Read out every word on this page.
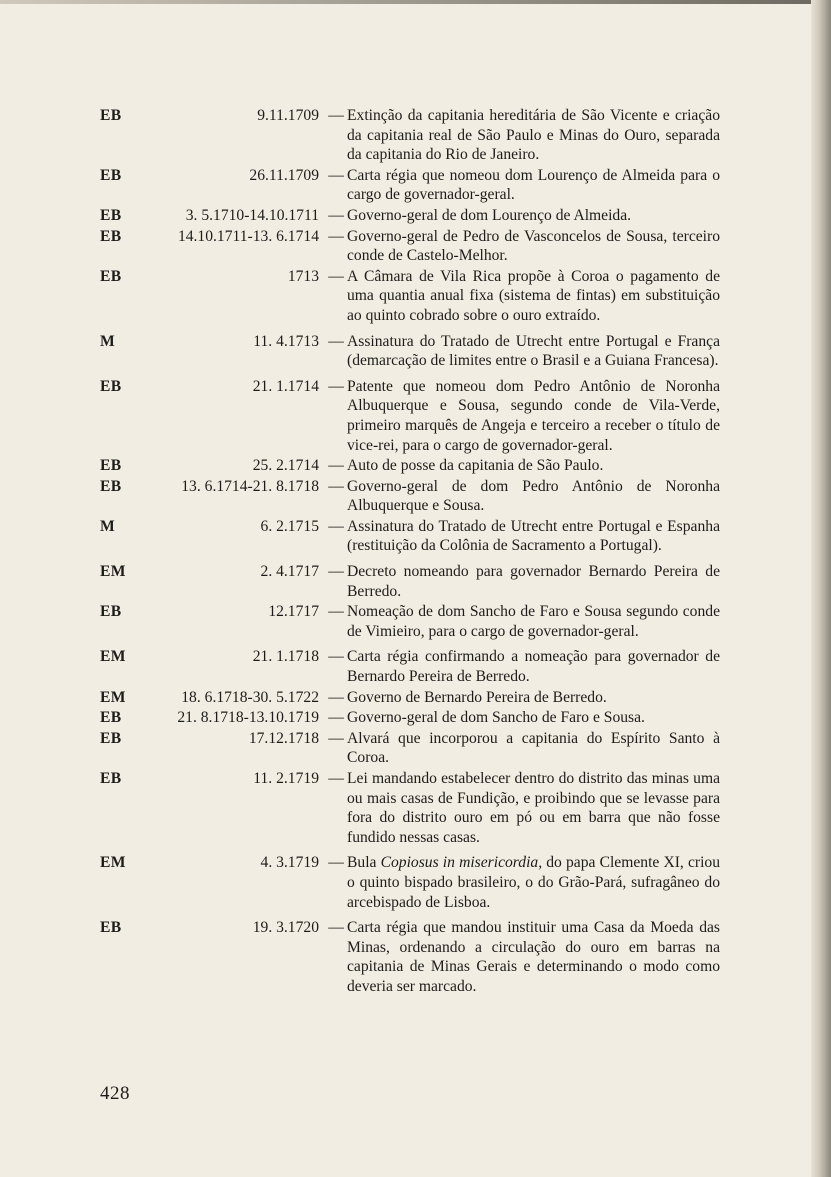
EB	9.11.1709 — Extinção da capitania hereditária de São Vicente e criação da capitania real de São Paulo e Minas do Ouro, separada da capitania do Rio de Janeiro.
EB	26.11.1709 — Carta régia que nomeou dom Lourenço de Almeida para o cargo de governador-geral.
EB	3. 5.1710-14.10.1711 — Governo-geral de dom Lourenço de Almeida.
EB	14.10.1711-13. 6.1714 — Governo-geral de Pedro de Vasconcelos de Sousa, terceiro conde de Castelo-Melhor.
EB	1713 — A Câmara de Vila Rica propõe à Coroa o pagamento de uma quantia anual fixa (sistema de fintas) em substituição ao quinto cobrado sobre o ouro extraído.
M	11. 4.1713 — Assinatura do Tratado de Utrecht entre Portugal e França (demarcação de limites entre o Brasil e a Guiana Francesa).
EB	21. 1.1714 — Patente que nomeou dom Pedro Antônio de Noronha Albuquerque e Sousa, segundo conde de Vila-Verde, primeiro marquês de Angeja e terceiro a receber o título de vice-rei, para o cargo de governador-geral.
EB	25. 2.1714 — Auto de posse da capitania de São Paulo.
EB	13. 6.1714-21. 8.1718 — Governo-geral de dom Pedro Antônio de Noronha Albuquerque e Sousa.
M	6. 2.1715 — Assinatura do Tratado de Utrecht entre Portugal e Espanha (restituição da Colônia de Sacramento a Portugal).
EM	2. 4.1717 — Decreto nomeando para governador Bernardo Pereira de Berredo.
EB	12.1717 — Nomeação de dom Sancho de Faro e Sousa segundo conde de Vimieiro, para o cargo de governador-geral.
EM	21. 1.1718 — Carta régia confirmando a nomeação para governador de Bernardo Pereira de Berredo.
EM	18. 6.1718-30. 5.1722 — Governo de Bernardo Pereira de Berredo.
EB	21. 8.1718-13.10.1719 — Governo-geral de dom Sancho de Faro e Sousa.
EB	17.12.1718 — Alvará que incorporou a capitania do Espírito Santo à Coroa.
EB	11. 2.1719 — Lei mandando estabelecer dentro do distrito das minas uma ou mais casas de Fundição, e proibindo que se levasse para fora do distrito ouro em pó ou em barra que não fosse fundido nessas casas.
EM	4. 3.1719 — Bula Copiosus in misericordia, do papa Clemente XI, criou o quinto bispado brasileiro, o do Grão-Pará, sufragâneo do arcebispado de Lisboa.
EB	19. 3.1720 — Carta régia que mandou instituir uma Casa da Moeda das Minas, ordenando a circulação do ouro em barras na capitania de Minas Gerais e determinando o modo como deveria ser marcado.
428
